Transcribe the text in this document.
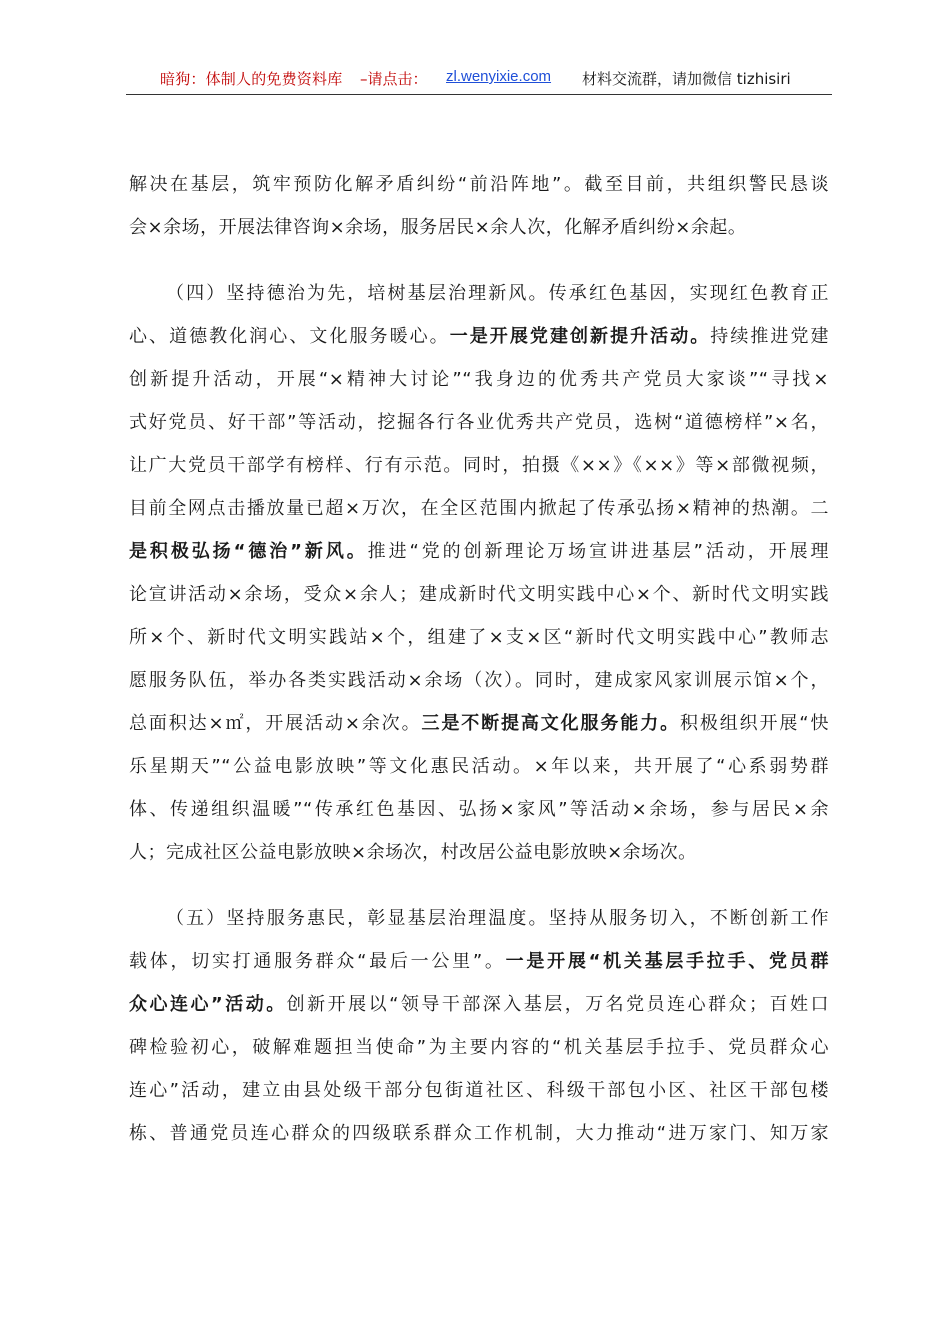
暗狗：体制人的免费资料库 –请点击： zl.wenyixie.com 材料交流群，请加微信 tizhisiri
解决在基层，筑牢预防化解矛盾纠纷“前沿阵地”。截至目前，共组织警民恳谈
会×余场，开展法律咨询×余场，服务居民×余人次，化解矛盾纠纷×余起。
（四）坚持德治为先，培树基层治理新风。传承红色基因，实现红色教育正
心、道德教化润心、文化服务暖心。一是开展党建创新提升活动。持续推进党建
创新提升活动，开展“×精神大讨论”“我身边的优秀共产党员大家谈”“寻找×
式好党员、好干部”等活动，挖掘各行各业优秀共产党员，选树“道德榜样”×名，
让广大党员干部学有榜样、行有示范。同时，拍摄《××》《××》等×部微视频，
目前全网点击播放量已超×万次，在全区范围内掀起了传承弘扬×精神的热潮。二
是积极弘扬“德治”新风。推进“党的创新理论万场宣讲进基层”活动，开展理
论宣讲活动×余场，受众×余人；建成新时代文明实践中心×个、新时代文明实践
所×个、新时代文明实践站×个，组建了×支×区“新时代文明实践中心”教师志
愿服务队伍，举办各类实践活动×余场（次）。同时，建成家风家训展示馆×个，
总面积达×㎡，开展活动×余次。三是不断提高文化服务能力。积极组织开展“快
乐星期天”“公益电影放映”等文化惠民活动。×年以来，共开展了“心系弱势群
体、传递组织温暖”“传承红色基因、弘扬×家风”等活动×余场，参与居民×余
人；完成社区公益电影放映×余场次，村改居公益电影放映×余场次。
（五）坚持服务惠民，彰显基层治理温度。坚持从服务切入，不断创新工作
载体，切实打通服务群众“最后一公里”。一是开展“机关基层手拉手、党员群
众心连心”活动。创新开展以“领导干部深入基层，万名党员连心群众；百姓口
碑检验初心，破解难题担当使命”为主要内容的“机关基层手拉手、党员群众心
连心”活动，建立由县处级干部分包街道社区、科级干部包小区、社区干部包楼
栋、普通党员连心群众的四级联系群众工作机制，大力推动“进万家门、知万家
